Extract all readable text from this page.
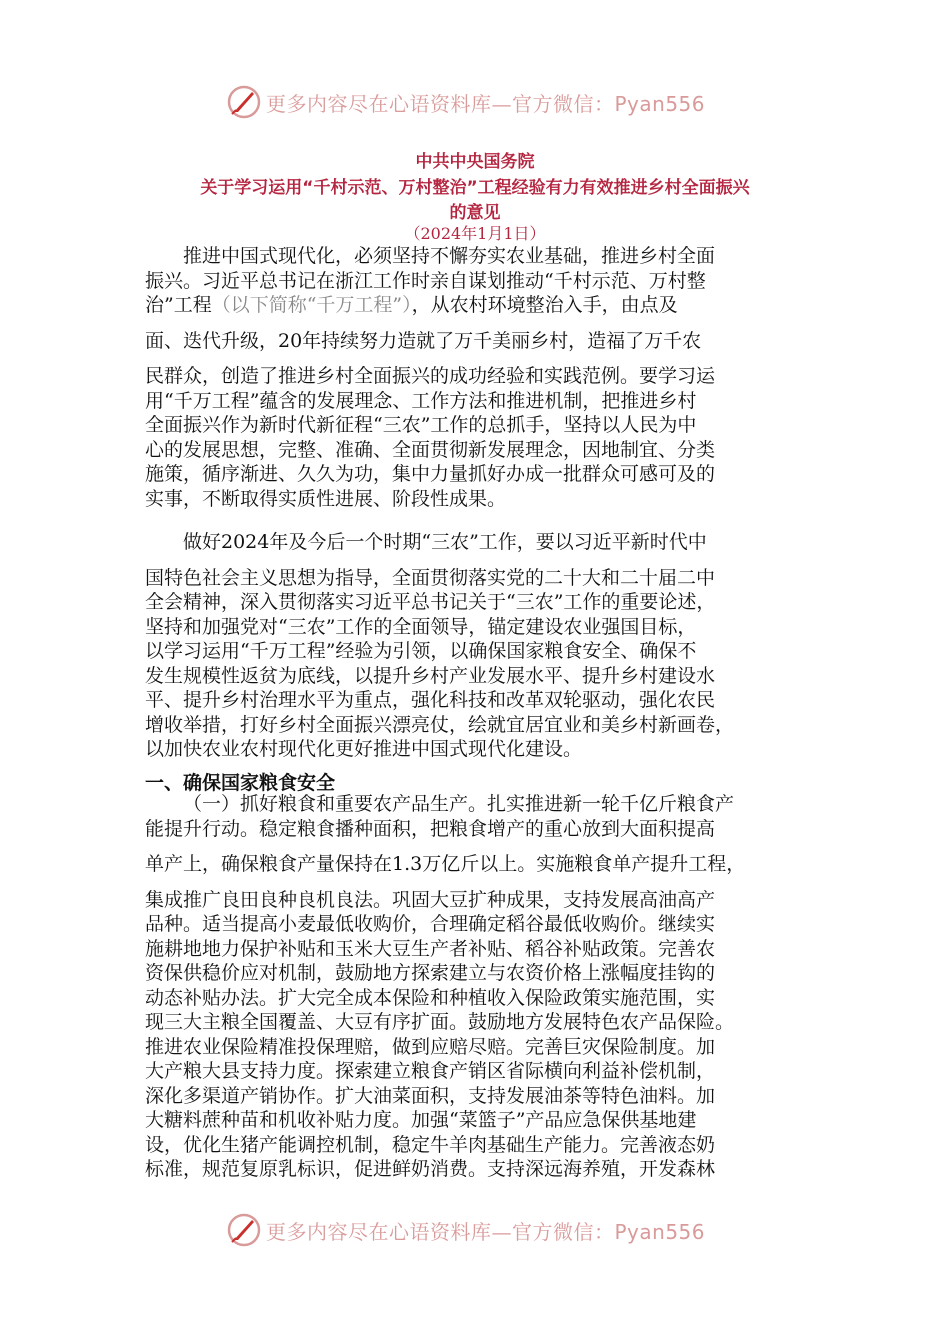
更多内容尽在心语资料库—官方微信：Pyan556
中共中央国务院
关于学习运用“千村示范、万村整治”工程经验有力有效推进乡村全面振兴
的意见
（2024年1月1日）

推进中国式现代化，必须坚持不懈夯实农业基础，推进乡村全面

振兴。习近平总书记在浙江工作时亲自谋划推动“千村示范、万村整

治”工程（以下简称“千万工程”），从农村环境整治入手，由点及

面、迭代升级，20年持续努力造就了万千美丽乡村，造福了万千农

民群众，创造了推进乡村全面振兴的成功经验和实践范例。要学习运

用“千万工程”蕴含的发展理念、工作方法和推进机制，把推进乡村

全面振兴作为新时代新征程“三农”工作的总抓手，坚持以人民为中

心的发展思想，完整、准确、全面贯彻新发展理念，因地制宜、分类

施策，循序渐进、久久为功，集中力量抓好办成一批群众可感可及的

实事，不断取得实质性进展、阶段性成果。

做好2024年及今后一个时期“三农”工作，要以习近平新时代中

国特色社会主义思想为指导，全面贯彻落实党的二十大和二十届二中

全会精神，深入贯彻落实习近平总书记关于“三农”工作的重要论述，

坚持和加强党对“三农”工作的全面领导，锚定建设农业强国目标，

以学习运用“千万工程”经验为引领，以确保国家粮食安全、确保不

发生规模性返贫为底线，以提升乡村产业发展水平、提升乡村建设水

平、提升乡村治理水平为重点，强化科技和改革双轮驱动，强化农民

增收举措，打好乡村全面振兴漂亮仗，绘就宜居宜业和美乡村新画卷，

以加快农业农村现代化更好推进中国式现代化建设。

一、确保国家粮食安全

（一）抓好粮食和重要农产品生产。扎实推进新一轮千亿斤粮食产

能提升行动。稳定粮食播种面积，把粮食增产的重心放到大面积提高

单产上，确保粮食产量保持在1.3万亿斤以上。实施粮食单产提升工程，

集成推广良田良种良机良法。巩固大豆扩种成果，支持发展高油高产

品种。适当提高小麦最低收购价，合理确定稻谷最低收购价。继续实

施耕地地力保护补贴和玉米大豆生产者补贴、稻谷补贴政策。完善农

资保供稳价应对机制，鼓励地方探索建立与农资价格上涨幅度挂钩的

动态补贴办法。扩大完全成本保险和种植收入保险政策实施范围，实

现三大主粮全国覆盖、大豆有序扩面。鼓励地方发展特色农产品保险。

推进农业保险精准投保理赔，做到应赔尽赔。完善巨灾保险制度。加

大产粮大县支持力度。探索建立粮食产销区省际横向利益补偿机制，

深化多渠道产销协作。扩大油菜面积，支持发展油茶等特色油料。加

大糖料蔗种苗和机收补贴力度。加强“菜篮子”产品应急保供基地建

设，优化生猪产能调控机制，稳定牛羊肉基础生产能力。完善液态奶

标准，规范复原乳标识，促进鲜奶消费。支持深远海养殖，开发森林

更多内容尽在心语资料库—官方微信：Pyan556
